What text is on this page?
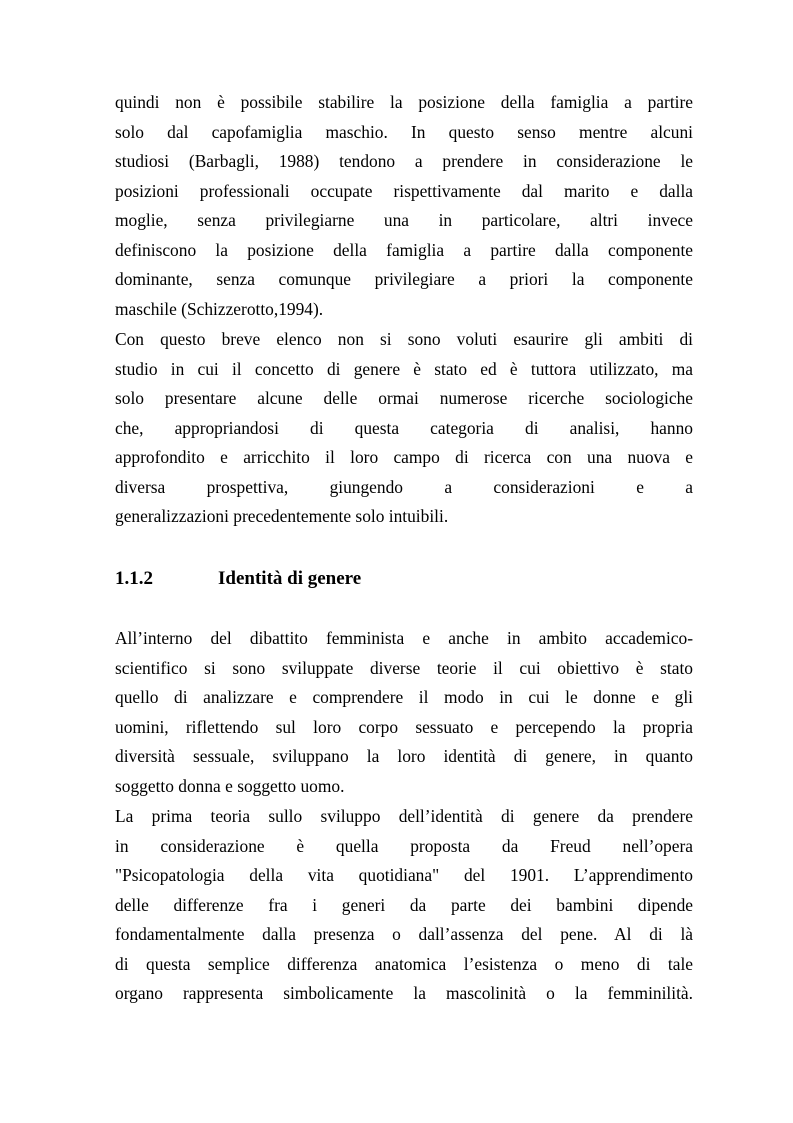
quindi non è possibile stabilire la posizione della famiglia a partire
solo dal capofamiglia maschio. In questo senso mentre alcuni
studiosi (Barbagli, 1988) tendono a prendere in considerazione le
posizioni professionali occupate rispettivamente dal marito e dalla
moglie, senza privilegiarne una in particolare, altri invece
definiscono la posizione della famiglia a partire dalla componente
dominante, senza comunque privilegiare a priori la componente
maschile (Schizzerotto,1994).
Con questo breve elenco non si sono voluti esaurire gli ambiti di
studio in cui il concetto di genere è stato ed è tuttora utilizzato, ma
solo presentare alcune delle ormai numerose ricerche sociologiche
che, appropriandosi di questa categoria di analisi, hanno
approfondito e arricchito il loro campo di ricerca con una nuova e
diversa prospettiva, giungendo a considerazioni e a
generalizzazioni precedentemente solo intuibili.
1.1.2	Identità di genere
All’interno del dibattito femminista e anche in ambito accademico-
scientifico si sono sviluppate diverse teorie il cui obiettivo è stato
quello di analizzare e comprendere il modo in cui le donne e gli
uomini, riflettendo sul loro corpo sessuato e percependo la propria
diversità sessuale, sviluppano la loro identità di genere, in quanto
soggetto donna e soggetto uomo.
La prima teoria sullo sviluppo dell’identità di genere da prendere
in considerazione è quella proposta da Freud nell’opera
"Psicopatologia della vita quotidiana" del 1901. L’apprendimento
delle differenze fra i generi da parte dei bambini dipende
fondamentalmente dalla presenza o dall’assenza del pene. Al di là
di questa semplice differenza anatomica l’esistenza o meno di tale
organo rappresenta simbolicamente la mascolinità o la femminilità.
